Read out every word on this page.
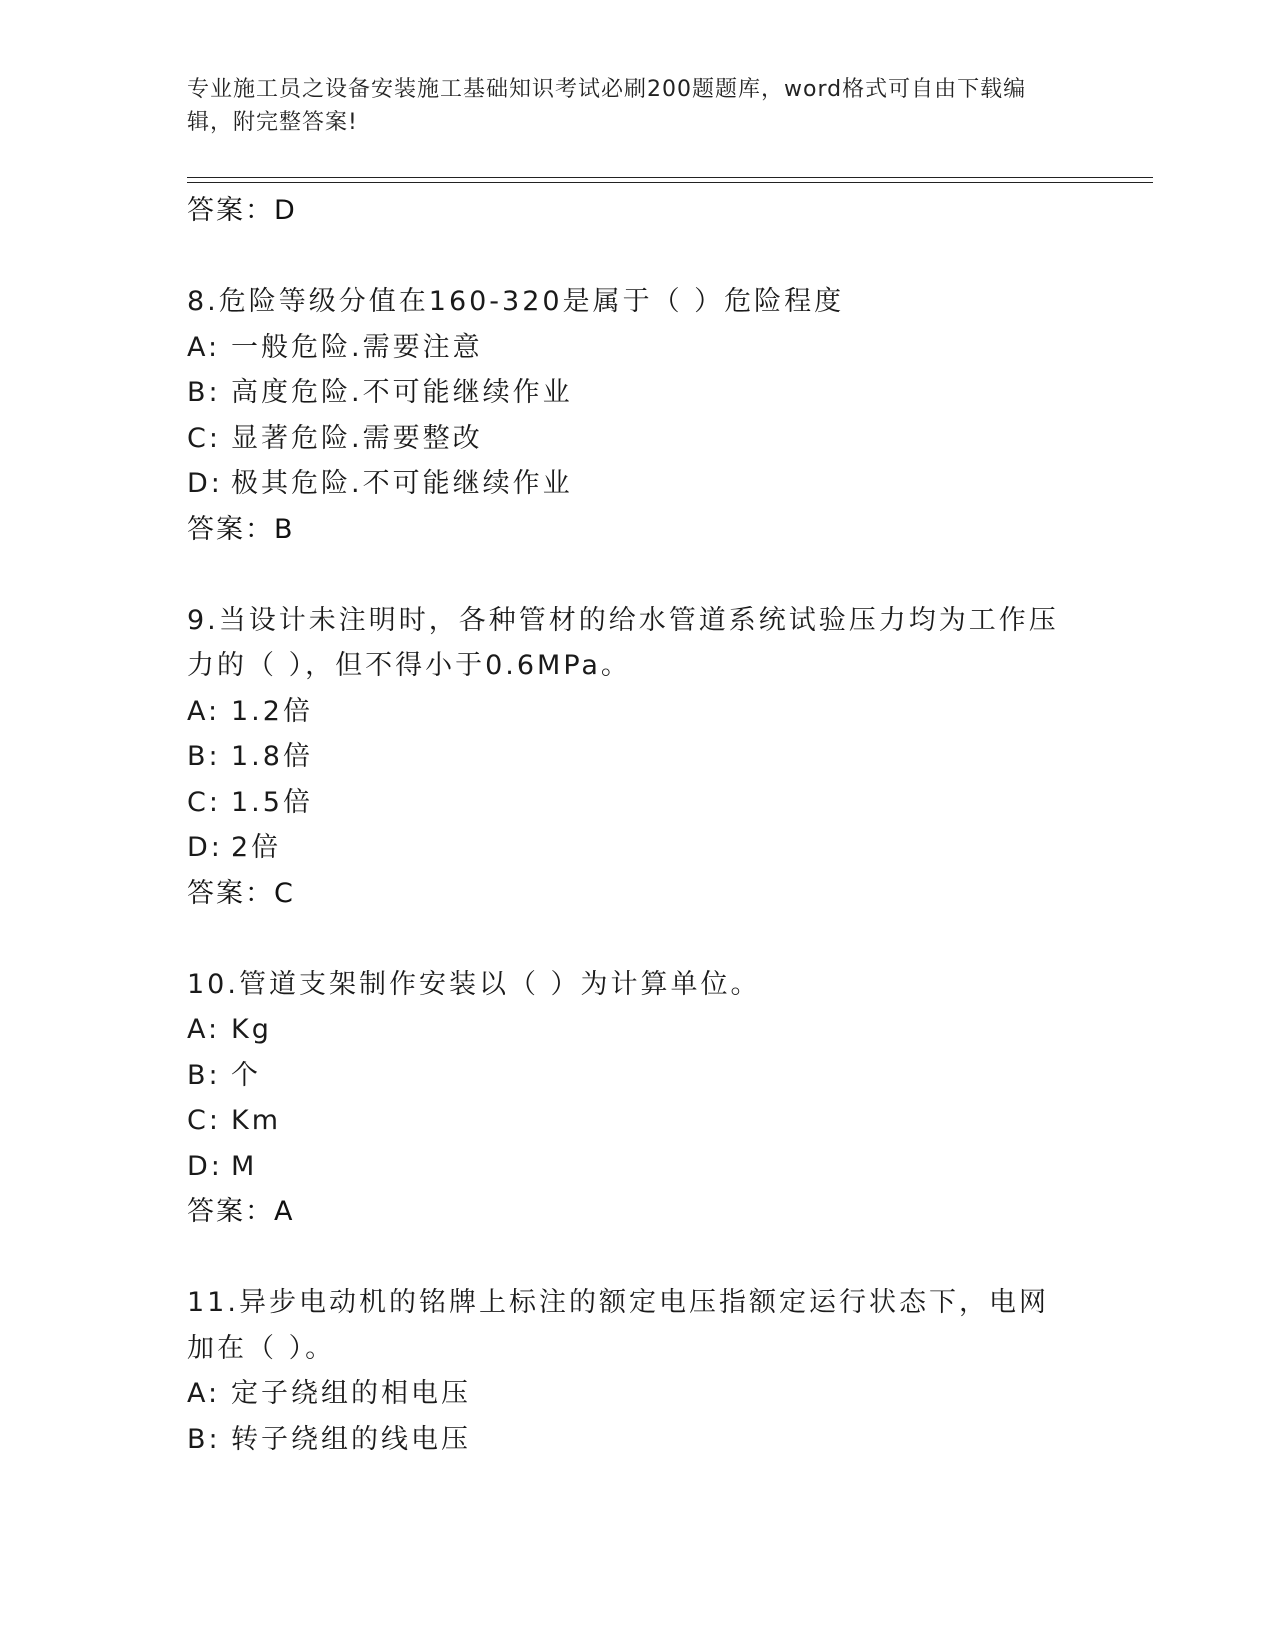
专业施工员之设备安装施工基础知识考试必刷200题题库，word格式可自由下载编辑，附完整答案!
答案：D
8.危险等级分值在160-320是属于（ ）危险程度
A: 一般危险.需要注意
B: 高度危险.不可能继续作业
C: 显著危险.需要整改
D: 极其危险.不可能继续作业
答案：B
9.当设计未注明时，各种管材的给水管道系统试验压力均为工作压力的（ ），但不得小于0.6MPa。
A: 1.2倍
B: 1.8倍
C: 1.5倍
D: 2倍
答案：C
10.管道支架制作安装以（ ）为计算单位。
A: Kg
B: 个
C: Km
D: M
答案：A
11.异步电动机的铭牌上标注的额定电压指额定运行状态下，电网加在（ ）。
A: 定子绕组的相电压
B: 转子绕组的线电压
